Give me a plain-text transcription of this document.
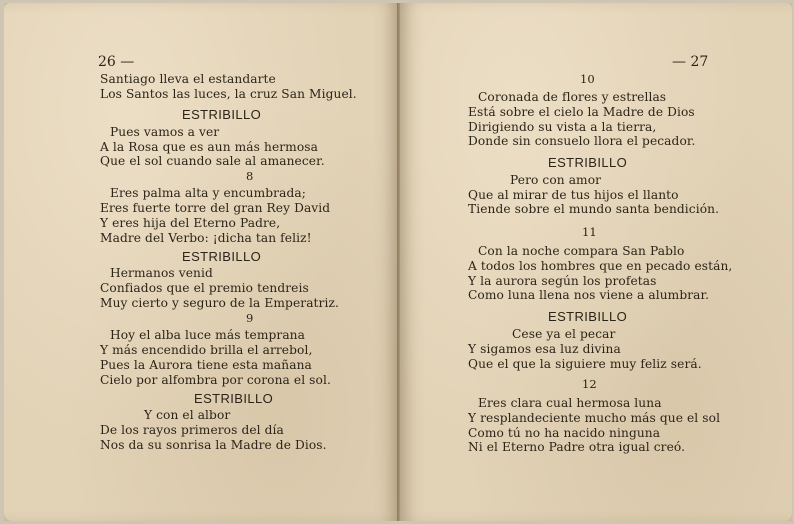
26 —
Santiago lleva el estandarte
Los Santos las luces, la cruz San Miguel.
ESTRIBILLO
Pues vamos a ver
A la Rosa que es aun más hermosa
Que el sol cuando sale al amanecer.
8
Eres palma alta y encumbrada;
Eres fuerte torre del gran Rey David
Y eres hija del Eterno Padre,
Madre del Verbo: ¡dicha tan feliz!
ESTRIBILLO
Hermanos venid
Confiados que el premio tendreis
Muy cierto y seguro de la Emperatriz.
9
Hoy el alba luce más temprana
Y más encendido brilla el arrebol,
Pues la Aurora tiene esta mañana
Cielo por alfombra por corona el sol.
ESTRIBILLO
Y con el albor
De los rayos primeros del día
Nos da su sonrisa la Madre de Dios.
— 27
10
Coronada de flores y estrellas
Está sobre el cielo la Madre de Dios
Dirigiendo su vista a la tierra,
Donde sin consuelo llora el pecador.
ESTRIBILLO
Pero con amor
Que al mirar de tus hijos el llanto
Tiende sobre el mundo santa bendición.
11
Con la noche compara San Pablo
A todos los hombres que en pecado están,
Y la aurora según los profetas
Como luna llena nos viene a alumbrar.
ESTRIBILLO
Cese ya el pecar
Y sigamos esa luz divina
Que el que la siguiere muy feliz será.
12
Eres clara cual hermosa luna
Y resplandeciente mucho más que el sol
Como tú no ha nacido ninguna
Ni el Eterno Padre otra igual creó.
